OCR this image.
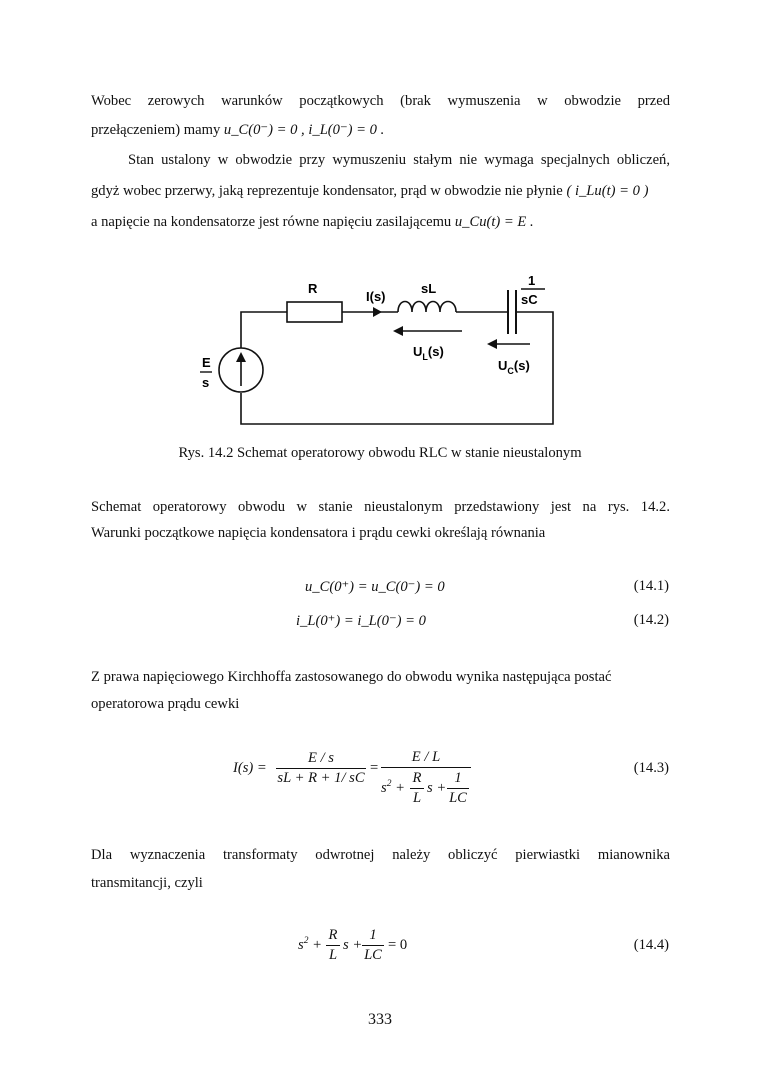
Wobec zerowych warunków początkowych (brak wymuszenia w obwodzie przed

przełączeniem) mamy u_C(0⁻) = 0 , i_L(0⁻) = 0 .

Stan ustalony w obwodzie przy wymuszeniu stałym nie wymaga specjalnych obliczeń,

gdyż wobec przerwy, jaką reprezentuje kondensator, prąd w obwodzie nie płynie ( i_Lu(t) = 0 )

a napięcie na kondensatorze jest równe napięciu zasilającemu u_Cu(t) = E .

R
I(s)
sL
1
sC
$U_L(s)$
$U_C(s)$
E
s
Rys. 14.2 Schemat operatorowy obwodu RLC w stanie nieustalonym

Schemat operatorowy obwodu w stanie nieustalonym przedstawiony jest na rys. 14.2.

Warunki początkowe napięcia kondensatora i prądu cewki określają równania

u_C(0⁺) = u_C(0⁻) = 0	(14.1)
i_L(0⁺) = i_L(0⁻) = 0	(14.2)

Z prawa napięciowego Kirchhoffa zastosowanego do obwodu wynika następująca postać

operatorowa prądu cewki

I(s) =
E / s
sL + R + 1/ sC
=
E / L
$s^2$ +
R
L
s +
1
LC
(14.3)

Dla wyznaczenia transformaty odwrotnej należy obliczyć pierwiastki mianownika

transmitancji, czyli

$s^2$ +
R
L
s +
1
LC
= 0	(14.4)
333
